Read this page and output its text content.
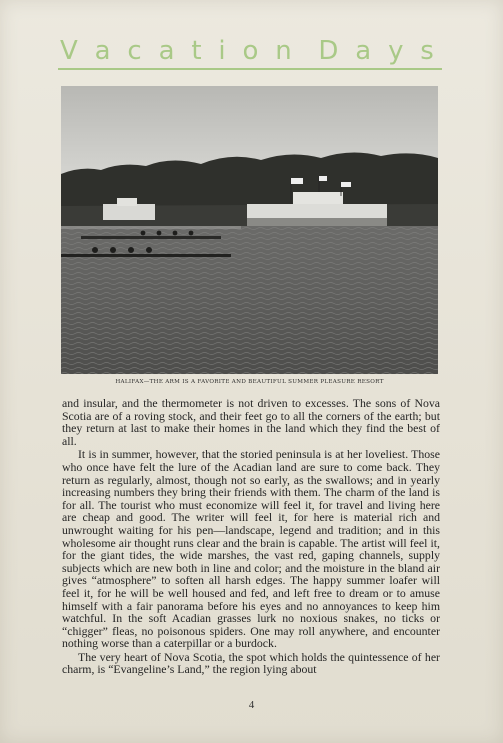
V a c a t i o n D a y s
HALIFAX—THE ARM IS A FAVORITE AND BEAUTIFUL SUMMER PLEASURE RESORT

and insular, and the thermometer is not driven to excesses. The sons of Nova Scotia are of a roving stock, and their feet go to all the corners of the earth; but they return at last to make their homes in the land which they find the best of all.

It is in summer, however, that the storied peninsula is at her loveliest. Those who once have felt the lure of the Acadian land are sure to come back. They return as regularly, almost, though not so early, as the swallows; and in yearly increasing numbers they bring their friends with them. The charm of the land is for all. The tourist who must economize will feel it, for travel and living here are cheap and good. The writer will feel it, for here is material rich and unwrought waiting for his pen—landscape, legend and tradition; and in this wholesome air thought runs clear and the brain is capable. The artist will feel it, for the giant tides, the wide marshes, the vast red, gaping channels, supply subjects which are new both in line and color; and the moisture in the bland air gives “atmosphere” to soften all harsh edges. The happy summer loafer will feel it, for he will be well housed and fed, and left free to dream or to amuse himself with a fair panorama before his eyes and no annoyances to keep him watchful. In the soft Acadian grasses lurk no noxious snakes, no ticks or “chigger” fleas, no poisonous spiders. One may roll anywhere, and encounter nothing worse than a caterpillar or a burdock.

The very heart of Nova Scotia, the spot which holds the quintessence of her charm, is “Evangeline’s Land,” the region lying about

4
